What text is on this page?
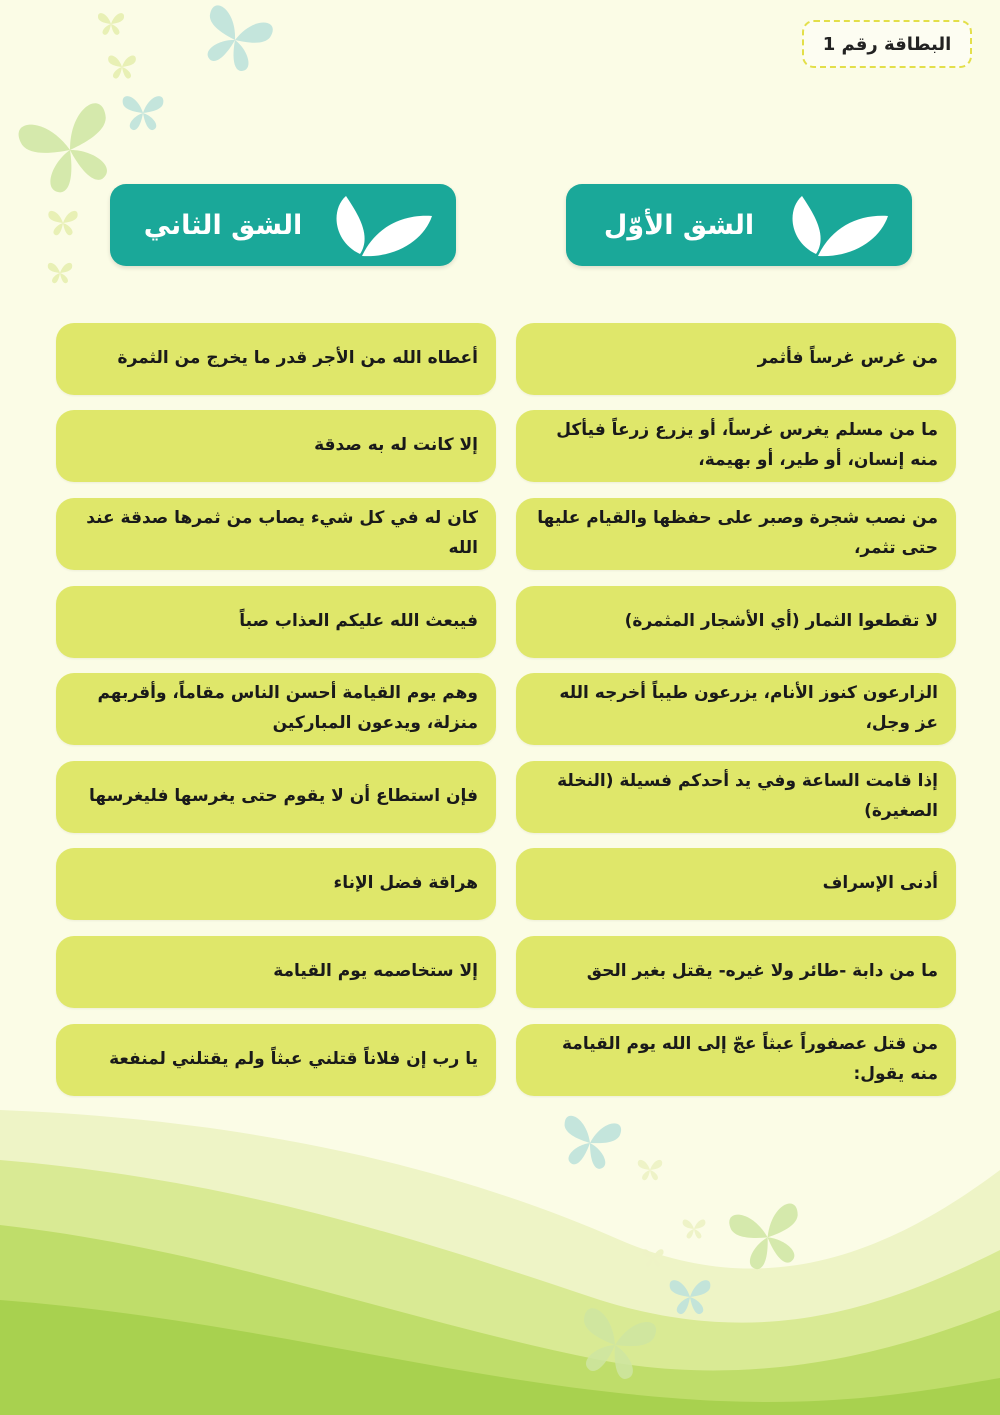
البطاقة رقم 1
الشق الأوّل
الشق الثاني
من غرس غرساً فأثمر
ما من مسلم يغرس غرساً، أو يزرع زرعاً فيأكل منه إنسان، أو طير، أو بهيمة،
من نصب شجرة وصبر على حفظها والقيام عليها حتى تثمر،
لا تقطعوا الثمار (أي الأشجار المثمرة)
الزارعون كنوز الأنام، يزرعون طيباً أخرجه الله عز وجل،
إذا قامت الساعة وفي يد أحدكم فسيلة (النخلة الصغيرة)
أدنى الإسراف
ما من دابة -طائر ولا غيره- يقتل بغير الحق
من قتل عصفوراً عبثاً عجّ إلى الله يوم القيامة منه يقول:
أعطاه الله من الأجر قدر ما يخرج من الثمرة
إلا كانت له به صدقة
كان له في كل شيء يصاب من ثمرها صدقة عند الله
فيبعث الله عليكم العذاب صباً
وهم يوم القيامة أحسن الناس مقاماً، وأقربهم منزلة، ويدعون المباركين
فإن استطاع أن لا يقوم حتى يغرسها فليغرسها
هراقة فضل الإناء
إلا ستخاصمه يوم القيامة
يا رب إن فلاناً قتلني عبثاً ولم يقتلني لمنفعة
